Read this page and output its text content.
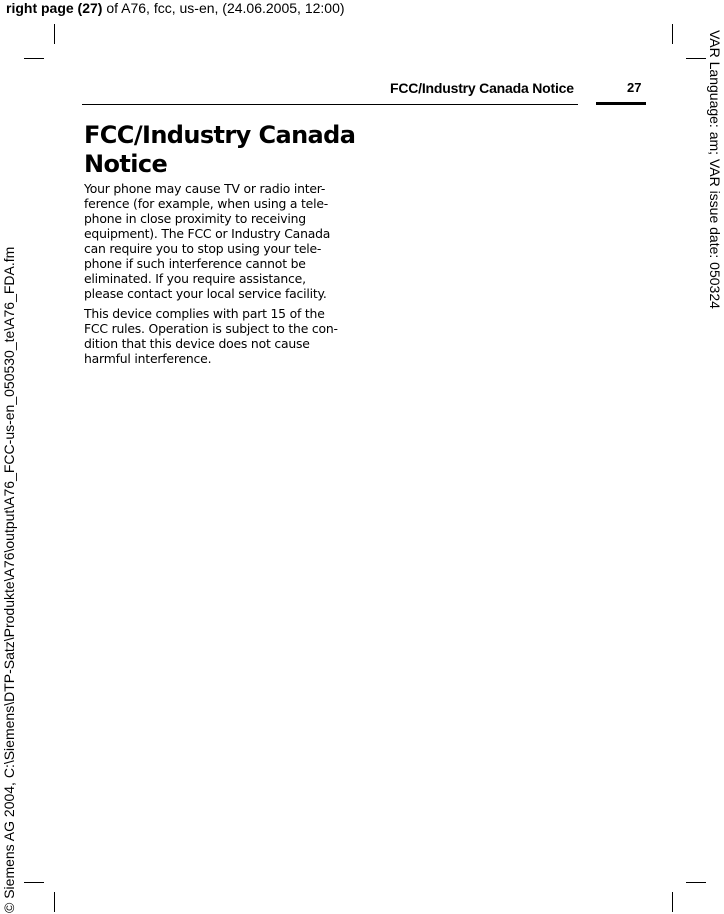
right page (27) of A76, fcc, us-en, (24.06.2005, 12:00)
© Siemens AG 2004, C:\Siemens\DTP-Satz\Produkte\A76\output\A76_FCC-us-en_050530_te\A76_FDA.fm
VAR Language: am; VAR issue date: 050324
FCC/Industry Canada Notice	27
FCC/Industry Canada
Notice
Your phone may cause TV or radio inter-
ference (for example, when using a tele-
phone in close proximity to receiving
equipment). The FCC or Industry Canada
can require you to stop using your tele-
phone if such interference cannot be
eliminated. If you require assistance,
please contact your local service facility.
This device complies with part 15 of the
FCC rules. Operation is subject to the con-
dition that this device does not cause
harmful interference.
